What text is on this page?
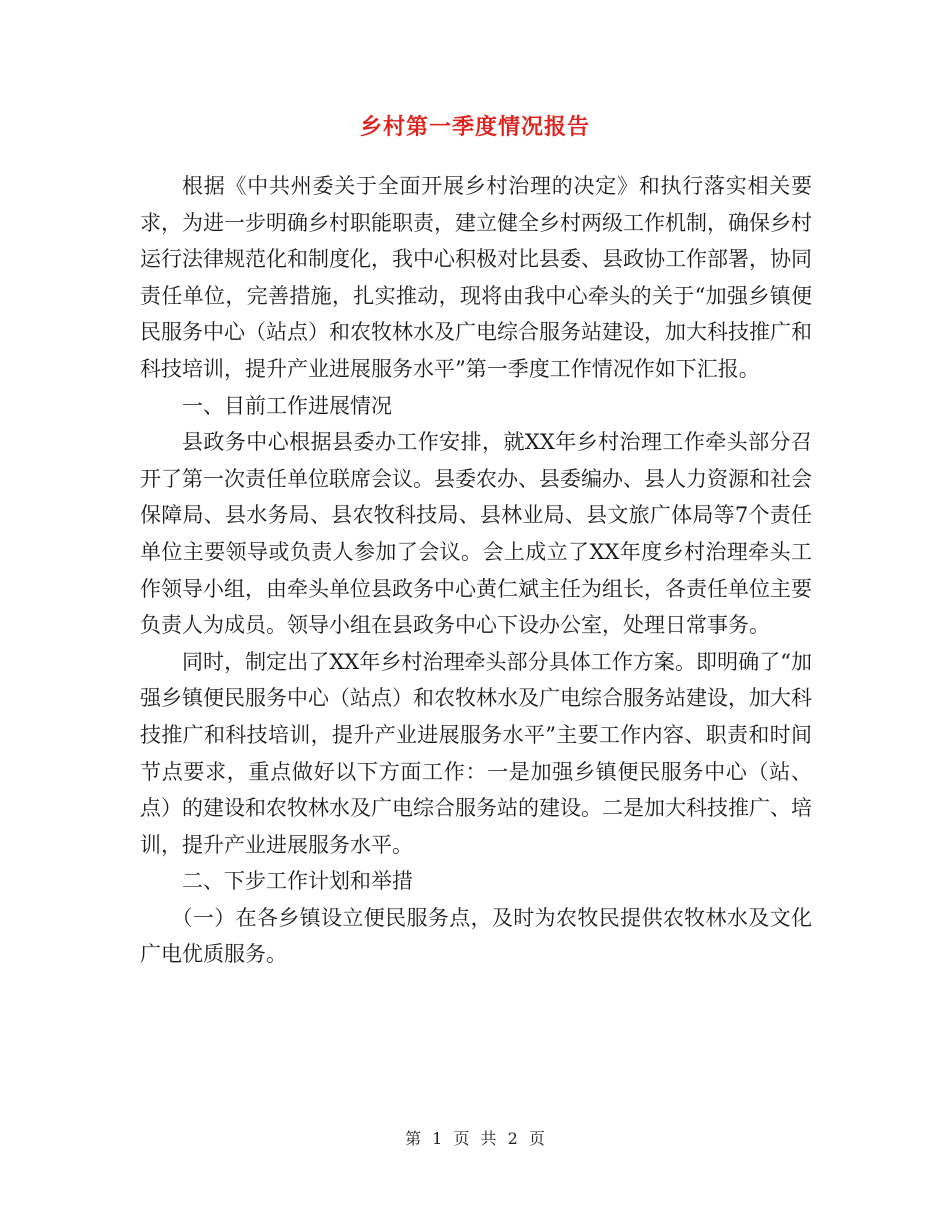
乡村第一季度情况报告

根据《中共州委关于全面开展乡村治理的决定》和执行落实相关要求，为进一步明确乡村职能职责，建立健全乡村两级工作机制，确保乡村运行法律规范化和制度化，我中心积极对比县委、县政协工作部署，协同责任单位，完善措施，扎实推动，现将由我中心牵头的关于“加强乡镇便民服务中心（站点）和农牧林水及广电综合服务站建设，加大科技推广和科技培训，提升产业进展服务水平”第一季度工作情况作如下汇报。

一、目前工作进展情况

县政务中心根据县委办工作安排，就XX年乡村治理工作牵头部分召开了第一次责任单位联席会议。县委农办、县委编办、县人力资源和社会保障局、县水务局、县农牧科技局、县林业局、县文旅广体局等7个责任单位主要领导或负责人参加了会议。会上成立了XX年度乡村治理牵头工作领导小组，由牵头单位县政务中心黄仁斌主任为组长，各责任单位主要负责人为成员。领导小组在县政务中心下设办公室，处理日常事务。

同时，制定出了XX年乡村治理牵头部分具体工作方案。即明确了“加强乡镇便民服务中心（站点）和农牧林水及广电综合服务站建设，加大科技推广和科技培训，提升产业进展服务水平”主要工作内容、职责和时间节点要求，重点做好以下方面工作：一是加强乡镇便民服务中心（站、点）的建设和农牧林水及广电综合服务站的建设。二是加大科技推广、培训，提升产业进展服务水平。

二、下步工作计划和举措

（一）在各乡镇设立便民服务点，及时为农牧民提供农牧林水及文化广电优质服务。

第 1 页 共 2 页
